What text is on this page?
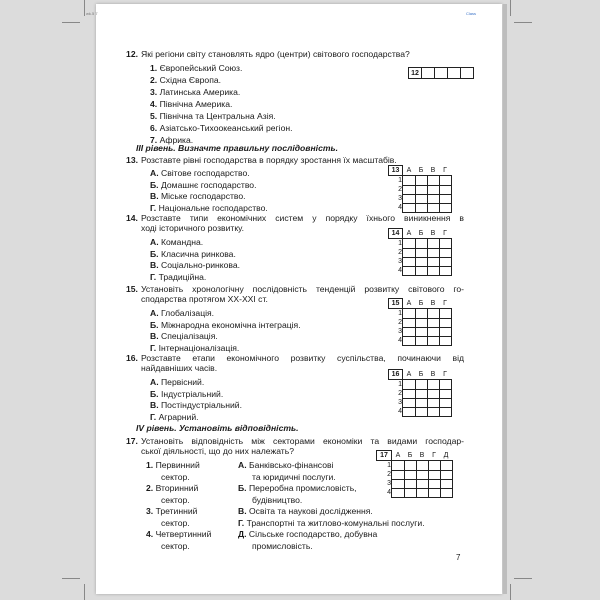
wk.5 7	Class
12. Які регіони світу становлять ядро (центри) світового господарства?
1. Європейський Союз.
2. Східна Європа.
3. Латинська Америка.
4. Північна Америка.
5. Північна та Центральна Азія.
6. Азіатсько-Тихоокеанський регіон.
7. Африка.
12				
III рівень. Визначте правильну послідовність.
13. Розставте рівні господарства в порядку зростання їх масштабів.
А. Світове господарство.
Б. Домашнє господарство.
В. Міське господарство.
Г. Національне господарство.
13	А	Б	В	Г
1				
2				
3				
4				
14. Розставте типи економічних систем у порядку їхнього виникнення в
ході історичного розвитку.
А. Командна.
Б. Класична ринкова.
В. Соціально-ринкова.
Г. Традиційна.
14	А	Б	В	Г
1				
2				
3				
4				
15. Установіть хронологічну послідовність тенденцій розвитку світового го-
сподарства протягом ХХ-ХХІ ст.
А. Глобалізація.
Б. Міжнародна економічна інтеграція.
В. Спеціалізація.
Г. Інтернаціоналізація.
15	А	Б	В	Г
1				
2				
3				
4				
16. Розставте етапи економічного розвитку суспільства, починаючи від
найдавніших часів.
А. Первісний.
Б. Індустріальний.
В. Постіндустріальний.
Г. Аграрний.
16	А	Б	В	Г
1				
2				
3				
4				
IV рівень. Установіть відповідність.
17. Установіть відповідність між секторами економіки та видами господар-
ської діяльності, що до них належать?
1. Первинний
сектор.
2. Вторинний
сектор.
3. Третинний
сектор.
4. Четвертинний
сектор.
А. Банківсько-фінансові
та юридичні послуги.
Б. Переробна промисловість,
будівництво.
В. Освіта та наукові дослідження.
Г. Транспортні та житлово-комунальні послуги.
Д. Сільське господарство, добувна
промисловість.
17	А	Б	В	Г	Д
1					
2					
3					
4					
7
